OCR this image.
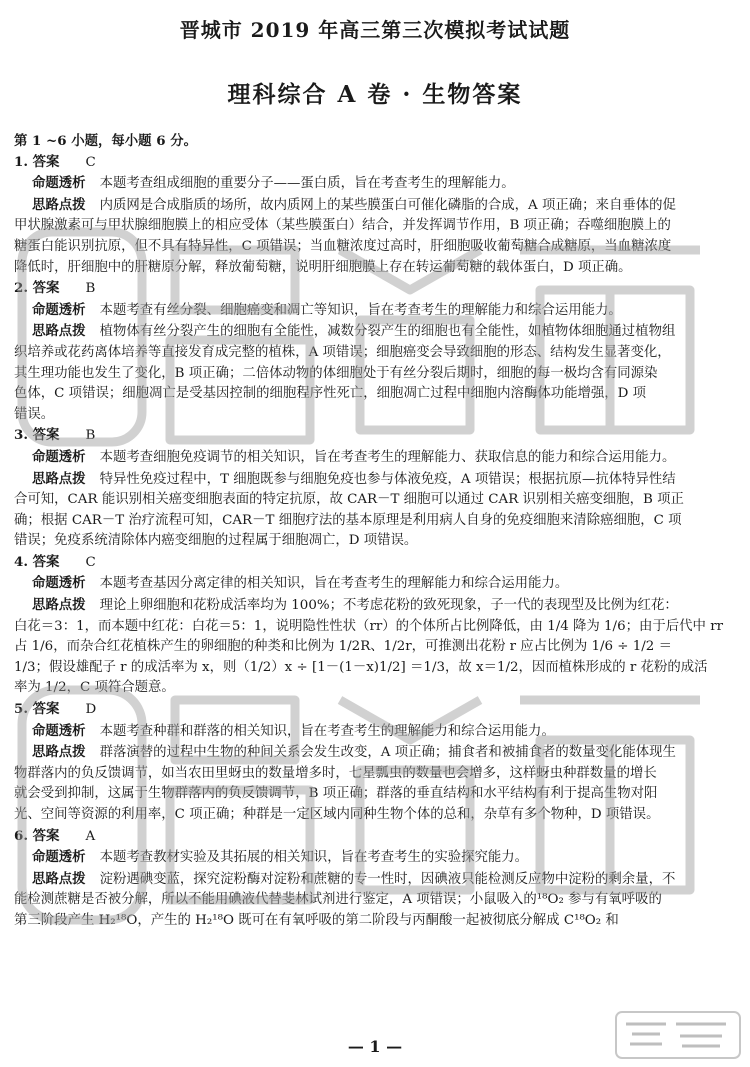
晋城市 2019 年高三第三次模拟考试试题
理科综合 A 卷 · 生物答案
第 1 ~6 小题，每小题 6 分。
1. 答案 C
命题透析 本题考查组成细胞的重要分子——蛋白质，旨在考查考生的理解能力。
思路点拨 内质网是合成脂质的场所，故内质网上的某些膜蛋白可催化磷脂的合成，A 项正确；来自垂体的促
甲状腺激素可与甲状腺细胞膜上的相应受体（某些膜蛋白）结合，并发挥调节作用，B 项正确；吞噬细胞膜上的
糖蛋白能识别抗原，但不具有特异性，C 项错误；当血糖浓度过高时，肝细胞吸收葡萄糖合成糖原，当血糖浓度
降低时，肝细胞中的肝糖原分解，释放葡萄糖，说明肝细胞膜上存在转运葡萄糖的载体蛋白，D 项正确。
2. 答案 B
命题透析 本题考查有丝分裂、细胞癌变和凋亡等知识，旨在考查考生的理解能力和综合运用能力。
思路点拨 植物体有丝分裂产生的细胞有全能性，减数分裂产生的细胞也有全能性，如植物体细胞通过植物组
织培养或花药离体培养等直接发育成完整的植株，A 项错误；细胞癌变会导致细胞的形态、结构发生显著变化，
其生理功能也发生了变化，B 项正确；二倍体动物的体细胞处于有丝分裂后期时，细胞的每一极均含有同源染
色体，C 项错误；细胞凋亡是受基因控制的细胞程序性死亡，细胞凋亡过程中细胞内溶酶体功能增强，D 项
错误。
3. 答案 B
命题透析 本题考查细胞免疫调节的相关知识，旨在考查考生的理解能力、获取信息的能力和综合运用能力。
思路点拨 特异性免疫过程中，T 细胞既参与细胞免疫也参与体液免疫，A 项错误；根据抗原—抗体特异性结
合可知，CAR 能识别相关癌变细胞表面的特定抗原，故 CAR－T 细胞可以通过 CAR 识别相关癌变细胞，B 项正
确；根据 CAR－T 治疗流程可知，CAR－T 细胞疗法的基本原理是利用病人自身的免疫细胞来清除癌细胞，C 项
错误；免疫系统清除体内癌变细胞的过程属于细胞凋亡，D 项错误。
4. 答案 C
命题透析 本题考查基因分离定律的相关知识，旨在考查考生的理解能力和综合运用能力。
思路点拨 理论上卵细胞和花粉成活率均为 100%；不考虑花粉的致死现象，子一代的表现型及比例为红花：
白花＝3：1，而本题中红花：白花＝5：1，说明隐性性状（rr）的个体所占比例降低，由 1/4 降为 1/6；由于后代中 rr
占 1/6，而杂合红花植株产生的卵细胞的种类和比例为 1/2R、1/2r，可推测出花粉 r 应占比例为 1/6 ÷ 1/2 ＝
1/3；假设雄配子 r 的成活率为 x，则（1/2）x ÷ [1－(1－x)1/2] ＝1/3，故 x＝1/2，因而植株形成的 r 花粉的成活
率为 1/2，C 项符合题意。
5. 答案 D
命题透析 本题考查种群和群落的相关知识，旨在考查考生的理解能力和综合运用能力。
思路点拨 群落演替的过程中生物的种间关系会发生改变，A 项正确；捕食者和被捕食者的数量变化能体现生
物群落内的负反馈调节，如当农田里蚜虫的数量增多时，七星瓢虫的数量也会增多，这样蚜虫种群数量的增长
就会受到抑制，这属于生物群落内的负反馈调节，B 项正确；群落的垂直结构和水平结构有利于提高生物对阳
光、空间等资源的利用率，C 项正确；种群是一定区域内同种生物个体的总和，杂草有多个物种，D 项错误。
6. 答案 A
命题透析 本题考查教材实验及其拓展的相关知识，旨在考查考生的实验探究能力。
思路点拨 淀粉遇碘变蓝，探究淀粉酶对淀粉和蔗糖的专一性时，因碘液只能检测反应物中淀粉的剩余量，不
能检测蔗糖是否被分解，所以不能用碘液代替斐林试剂进行鉴定，A 项错误；小鼠吸入的¹⁸O₂ 参与有氧呼吸的
第三阶段产生 H₂¹⁸O，产生的 H₂¹⁸O 既可在有氧呼吸的第二阶段与丙酮酸一起被彻底分解成 C¹⁸O₂ 和
— 1 —
